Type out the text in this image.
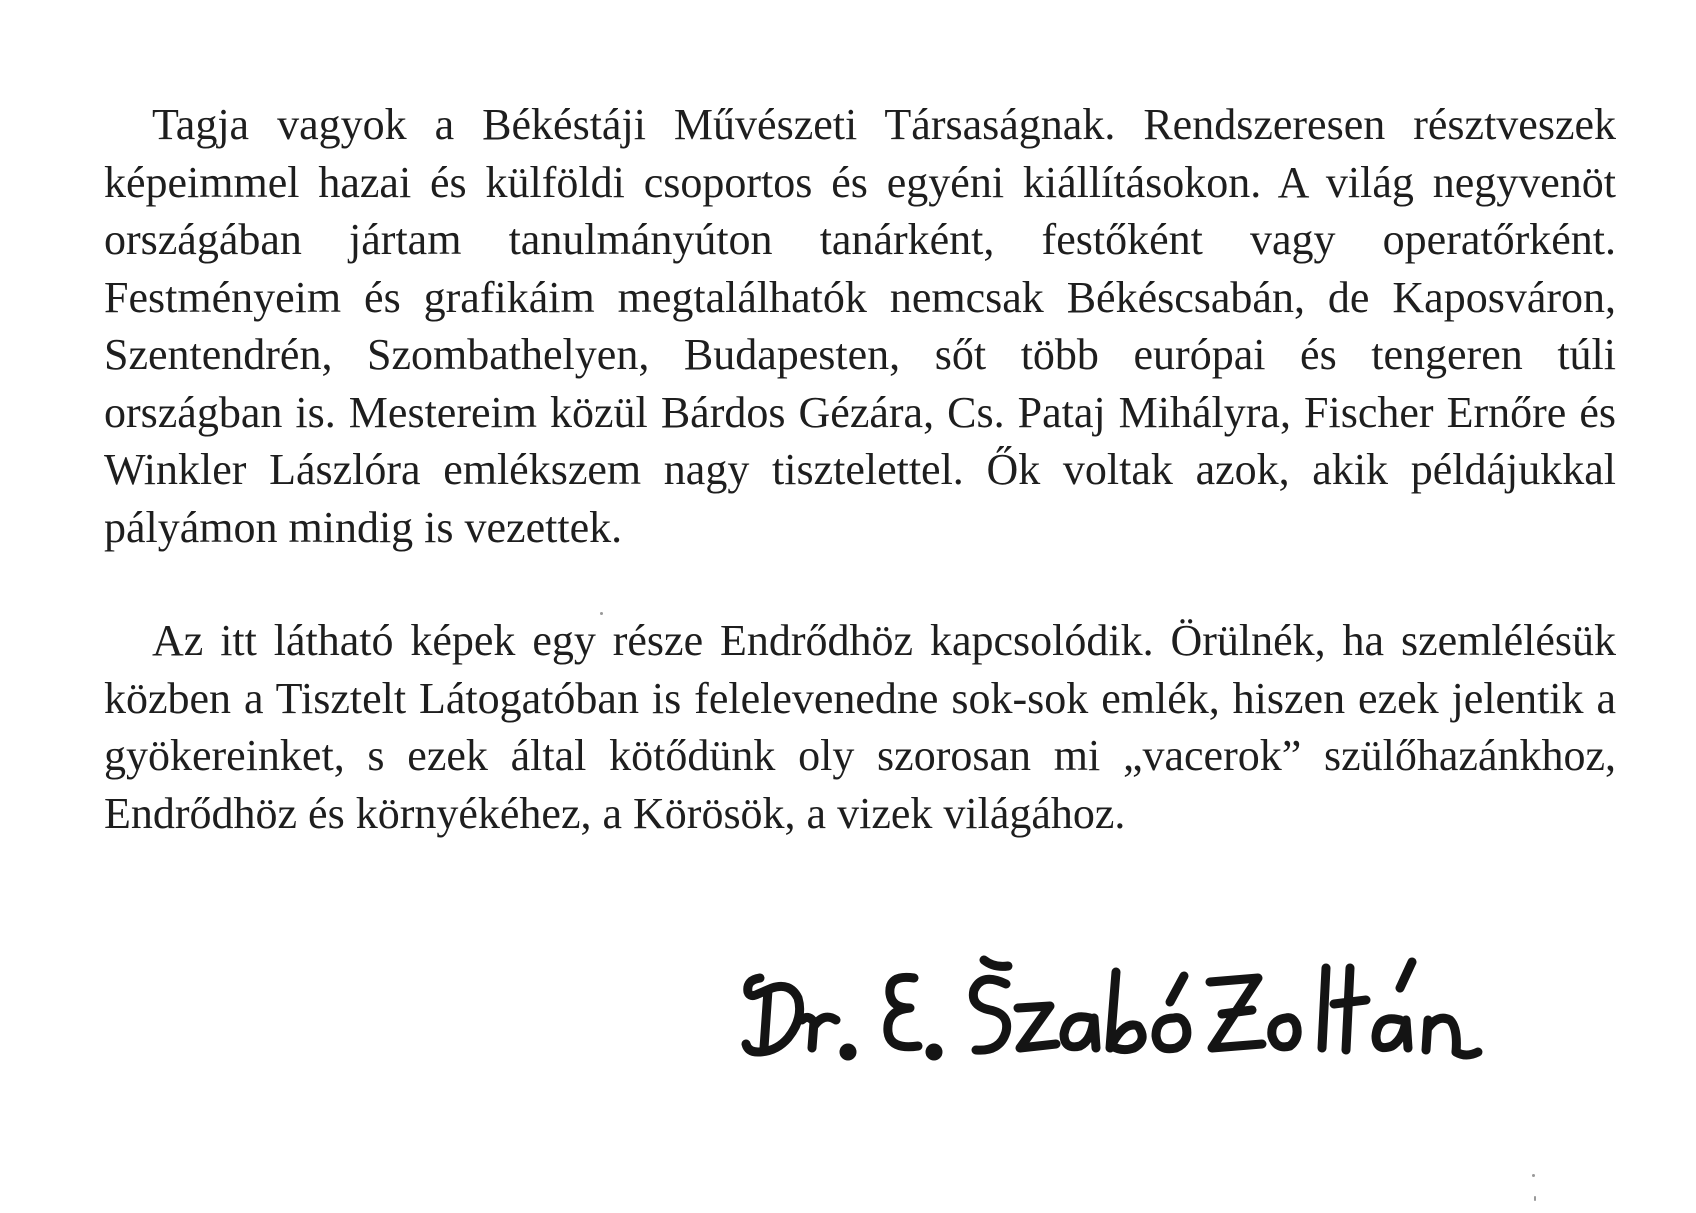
Tagja vagyok a Békéstáji Művészeti Társaságnak. Rendszeresen résztveszek képeimmel hazai és külföldi csoportos és egyéni kiállításokon. A világ negyvenöt országában jártam tanulmányúton tanárként, festőként vagy operatőrként. Festményeim és grafikáim megtalálhatók nemcsak Békéscsabán, de Kaposváron, Szentendrén, Szombathelyen, Budapesten, sőt több európai és tengeren túli országban is. Mestereim közül Bárdos Gézára, Cs. Pataj Mihályra, Fischer Ernőre és Winkler Lászlóra emlékszem nagy tisztelettel. Ők voltak azok, akik példájukkal pályámon mindig is vezettek.

Az itt látható képek egy része Endrődhöz kapcsolódik. Örülnék, ha szemlélésük közben a Tisztelt Látogatóban is felelevenedne sok-sok emlék, hiszen ezek jelentik a gyökereinket, s ezek által kötődünk oly szorosan mi „vacerok” szülőhazánkhoz, Endrődhöz és környékéhez, a Körösök, a vizek világához.
